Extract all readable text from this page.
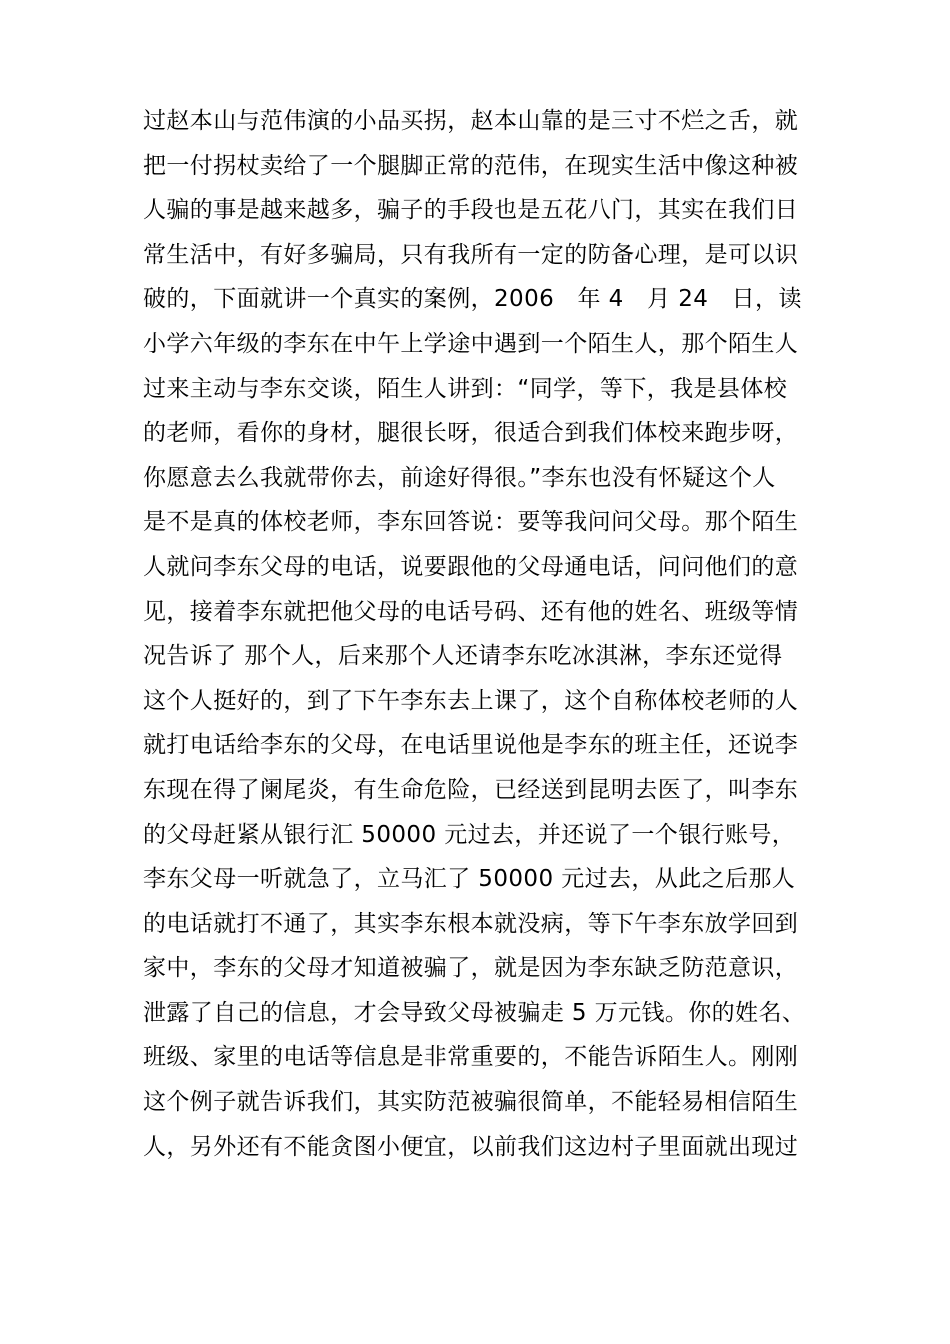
过赵本山与范伟演的小品买拐，赵本山靠的是三寸不烂之舌，就
把一付拐杖卖给了一个腿脚正常的范伟，在现实生活中像这种被
人骗的事是越来越多，骗子的手段也是五花八门，其实在我们日
常生活中，有好多骗局，只有我所有一定的防备心理，是可以识
破的，下面就讲一个真实的案例，2006　年 4　月 24　日，读
小学六年级的李东在中午上学途中遇到一个陌生人，那个陌生人
过来主动与李东交谈，陌生人讲到：“同学，等下，我是县体校
的老师，看你的身材，腿很长呀，很适合到我们体校来跑步呀，
你愿意去么我就带你去，前途好得很。”李东也没有怀疑这个人
是不是真的体校老师，李东回答说：要等我问问父母。那个陌生
人就问李东父母的电话，说要跟他的父母通电话，问问他们的意
见，接着李东就把他父母的电话号码、还有他的姓名、班级等情
况告诉了 那个人，后来那个人还请李东吃冰淇淋，李东还觉得
这个人挺好的，到了下午李东去上课了，这个自称体校老师的人
就打电话给李东的父母，在电话里说他是李东的班主任，还说李
东现在得了阑尾炎，有生命危险，已经送到昆明去医了，叫李东
的父母赶紧从银行汇 50000 元过去，并还说了一个银行账号，
李东父母一听就急了，立马汇了 50000 元过去，从此之后那人
的电话就打不通了，其实李东根本就没病，等下午李东放学回到
家中，李东的父母才知道被骗了，就是因为李东缺乏防范意识，
泄露了自己的信息，才会导致父母被骗走 5 万元钱。你的姓名、
班级、家里的电话等信息是非常重要的，不能告诉陌生人。刚刚
这个例子就告诉我们，其实防范被骗很简单，不能轻易相信陌生
人，另外还有不能贪图小便宜，以前我们这边村子里面就出现过
